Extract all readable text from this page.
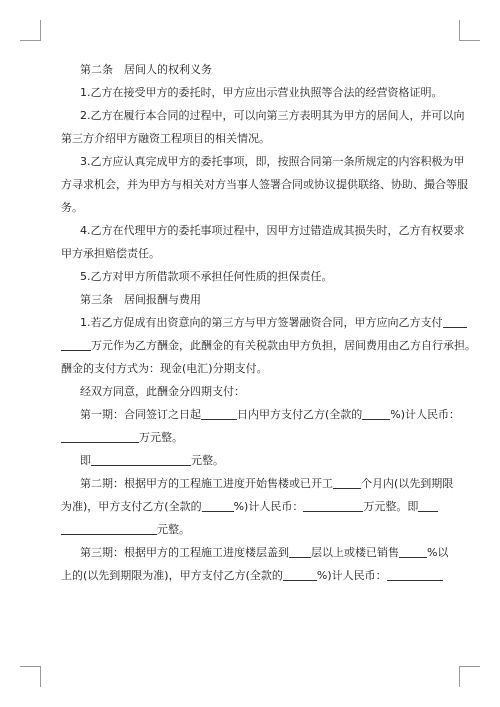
第二条　居间人的权利义务

1.乙方在接受甲方的委托时，甲方应出示营业执照等合法的经营资格证明。

2.乙方在履行本合同的过程中，可以向第三方表明其为甲方的居间人，并可以向

第三方介绍甲方融资工程项目的相关情况。

3.乙方应认真完成甲方的委托事项，即，按照合同第一条所规定的内容积极为甲

方寻求机会，并为甲方与相关对方当事人签署合同或协议提供联络、协助、撮合等服

务。

4.乙方在代理甲方的委托事项过程中，因甲方过错造成其损失时，乙方有权要求

甲方承担赔偿责任。

5.乙方对甲方所借款项不承担任何性质的担保责任。

第三条　居间报酬与费用

1.若乙方促成有出资意向的第三方与甲方签署融资合同，甲方应向乙方支付

万元作为乙方酬金，此酬金的有关税款由甲方负担，居间费用由乙方自行承担。

酬金的支付方式为：现金(电汇)分期支付。

经双方同意，此酬金分四期支付：

第一期：合同签订之日起	日内甲方支付乙方(全款的	%)计人民币：

万元整。

即	元整。

第二期：根据甲方的工程施工进度开始售楼或已开工	个月内(以先到期限

为准)，甲方支付乙方(全款的	%)计人民币：	万元整。即

元整。

第三期：根据甲方的工程施工进度楼层盖到 层以上或楼已销售	%以

上的(以先到期限为准)，甲方支付乙方(全款的	%)计人民币：
